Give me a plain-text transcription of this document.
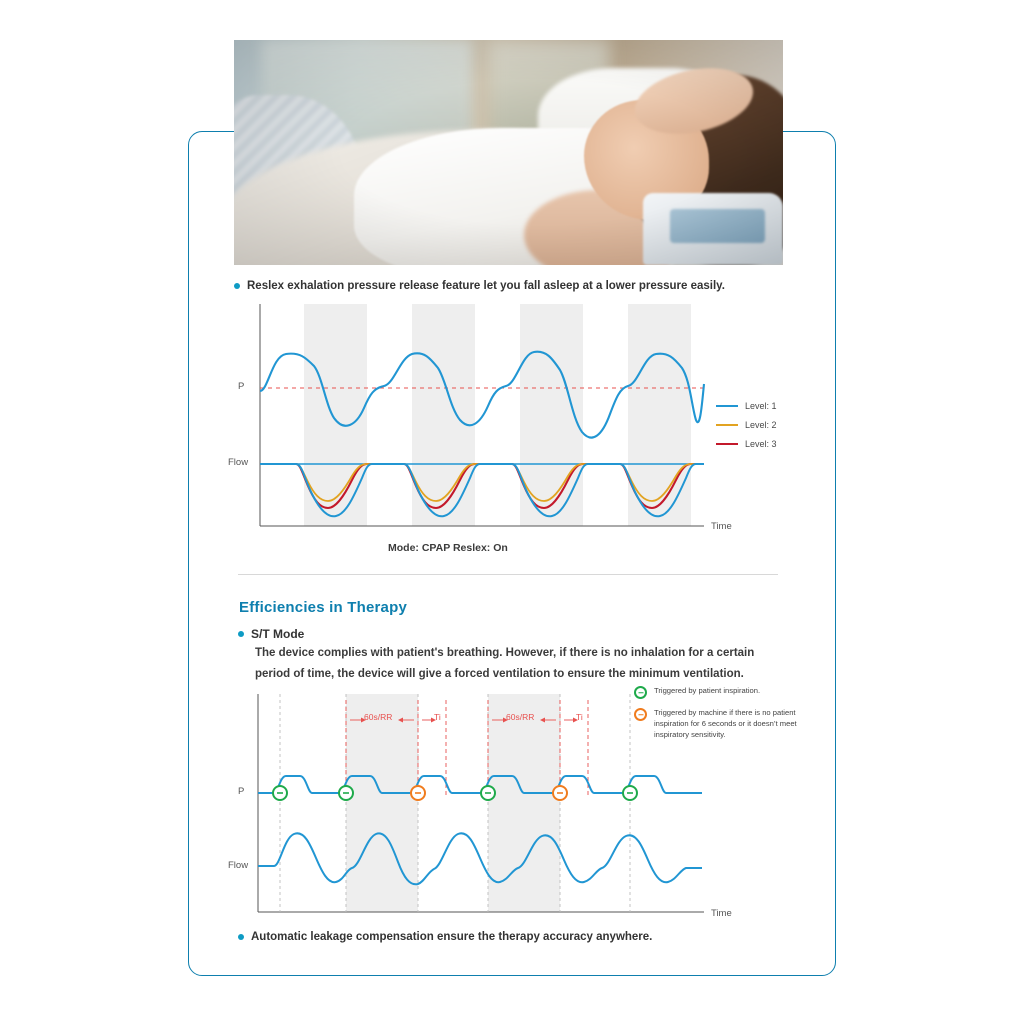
Reslex exhalation pressure release feature let you fall asleep at a lower pressure easily.
P
Flow
Time
Level: 1
Level: 2
Level: 3
Mode: CPAP Reslex: On
Efficiencies in Therapy
S/T Mode
The device complies with patient's breathing. However, if there is no inhalation for a certain period of time, the device will give a forced ventilation to ensure the minimum ventilation.
60s/RR	Ti	60s/RR	Ti
P
Flow
Time
Triggered by patient inspiration.
Triggered by machine if there is no patient inspiration for 6 seconds or it doesn’t meet inspiratory sensitivity.
Automatic leakage compensation ensure the therapy accuracy anywhere.
